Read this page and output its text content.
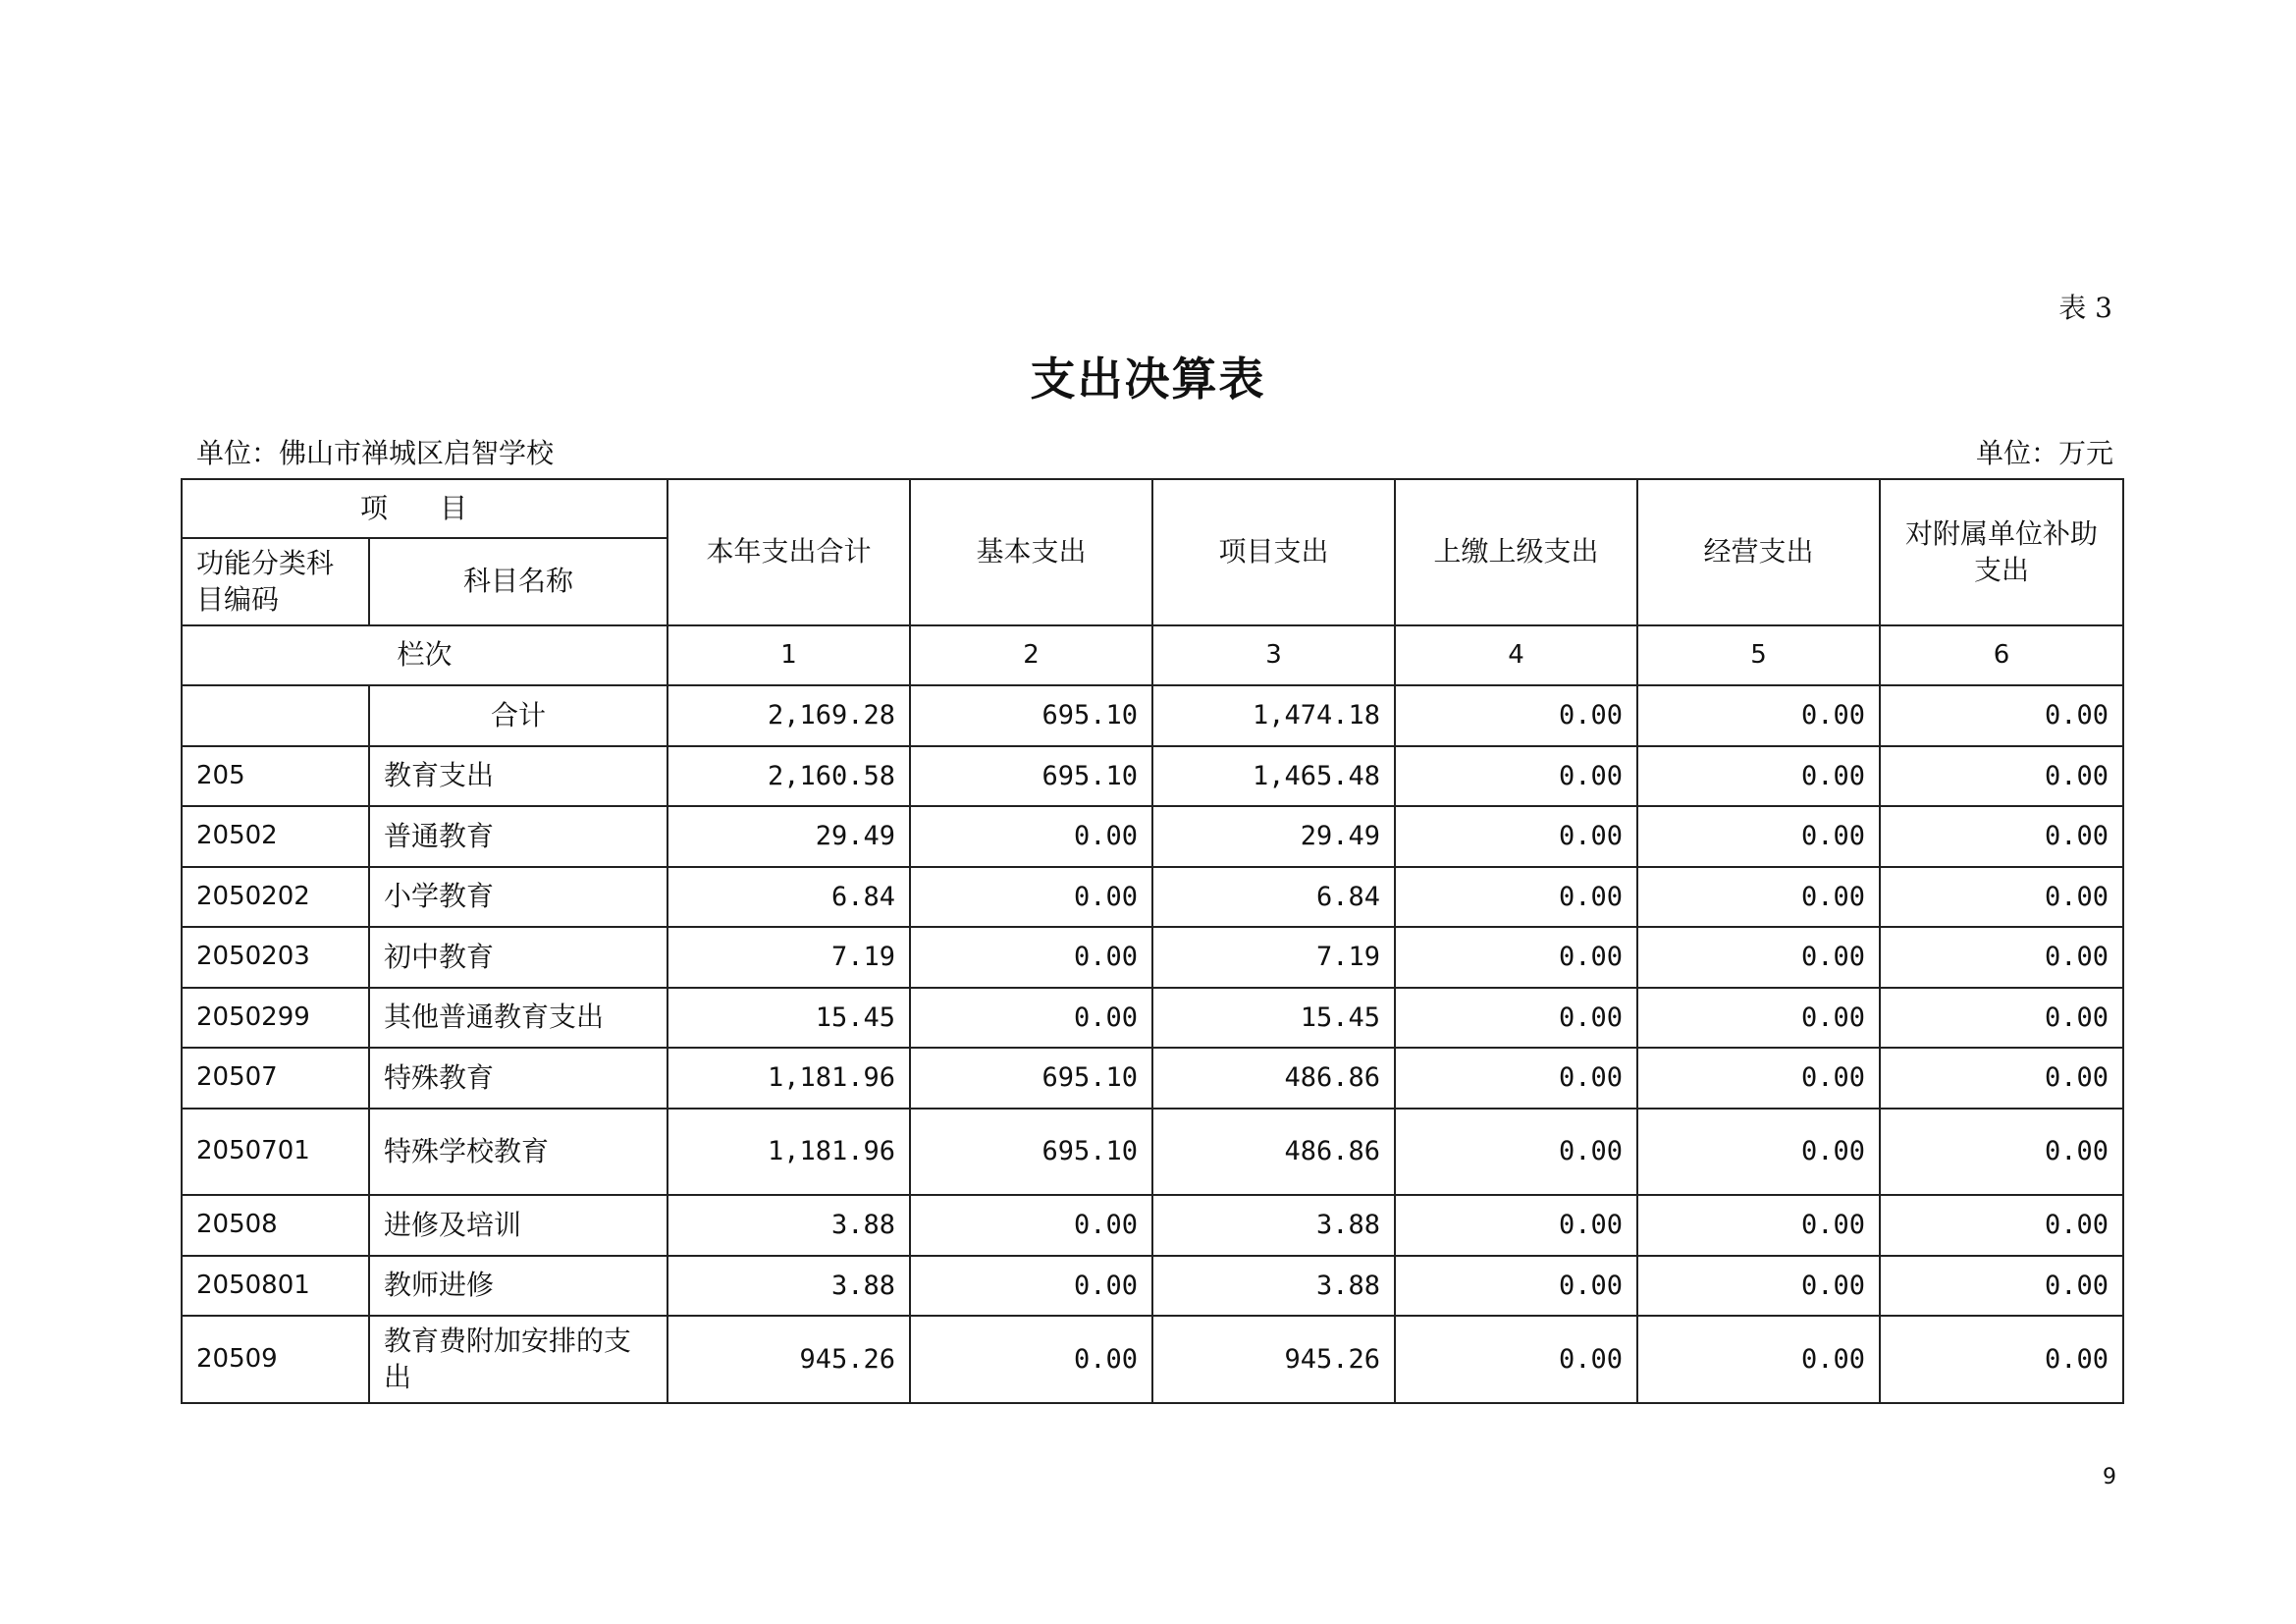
表 3
支出决算表
单位：佛山市禅城区启智学校	单位：万元
项 目		本年支出合计	基本支出	项目支出	上缴上级支出	经营支出	对附属单位补助支出
功能分类科目编码	科目名称						
栏次		1	2	3	4	5	6
	合计	2,169.28	695.10	1,474.18	0.00	0.00	0.00
205	教育支出	2,160.58	695.10	1,465.48	0.00	0.00	0.00
20502	普通教育	29.49	0.00	29.49	0.00	0.00	0.00
2050202	小学教育	6.84	0.00	6.84	0.00	0.00	0.00
2050203	初中教育	7.19	0.00	7.19	0.00	0.00	0.00
2050299	其他普通教育支出	15.45	0.00	15.45	0.00	0.00	0.00
20507	特殊教育	1,181.96	695.10	486.86	0.00	0.00	0.00
2050701	特殊学校教育	1,181.96	695.10	486.86	0.00	0.00	0.00
20508	进修及培训	3.88	0.00	3.88	0.00	0.00	0.00
2050801	教师进修	3.88	0.00	3.88	0.00	0.00	0.00
20509	教育费附加安排的支出	945.26	0.00	945.26	0.00	0.00	0.00
9
